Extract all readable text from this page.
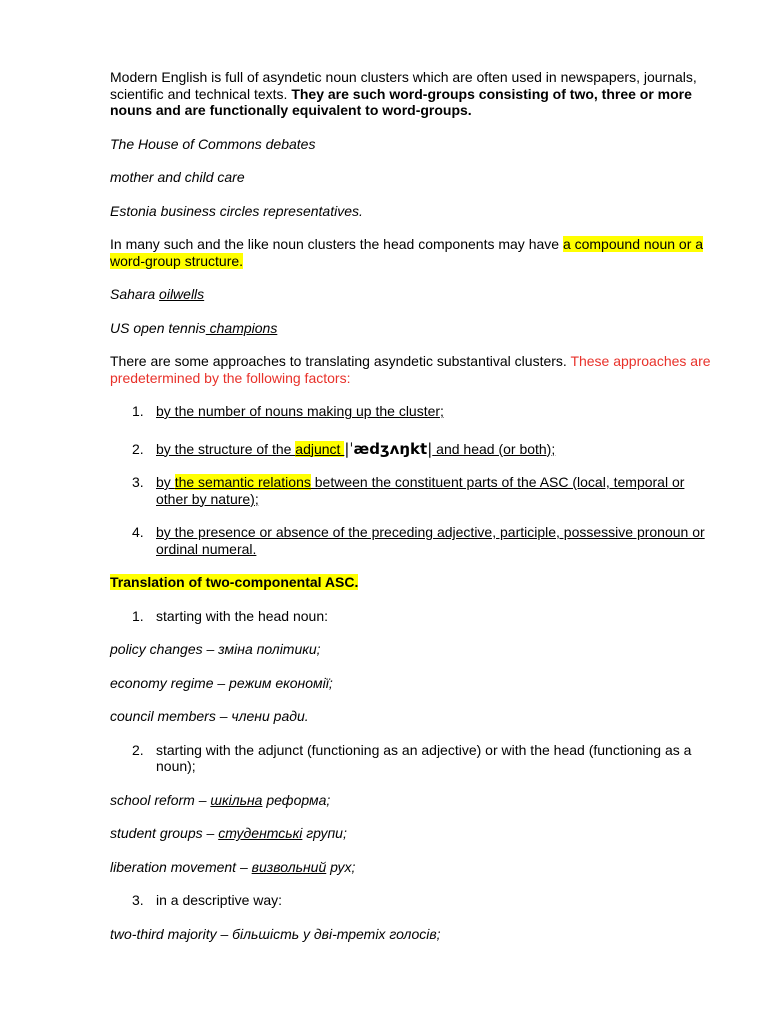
Modern English is full of asyndetic noun clusters which are often used in newspapers, journals, scientific and technical texts. They are such word-groups consisting of two, three or more nouns and are functionally equivalent to word-groups.

The House of Commons debates

mother and child care

Estonia business circles representatives.

In many such and the like noun clusters the head components may have a compound noun or a word-group structure.

Sahara oilwells

US open tennis champions

There are some approaches to translating asyndetic substantival clusters. These approaches are predetermined by the following factors:

1. by the number of nouns making up the cluster;
2. by the structure of the adjunct |ˈædʒʌŋkt| and head (or both);
3. by the semantic relations between the constituent parts of the ASC (local, temporal or other by nature);
4. by the presence or absence of the preceding adjective, participle, possessive pronoun or ordinal numeral.

Translation of two-componental ASC.

1. starting with the head noun:

policy changes – зміна політики;

economy regime – режим економії;

council members – члени ради.

2. starting with the adjunct (functioning as an adjective) or with the head (functioning as a noun);

school reform – шкільна реформа;

student groups – студентські групи;

liberation movement – визвольний рух;

3. in a descriptive way:

two-third majority – більшість у дві-третіх голосів;
